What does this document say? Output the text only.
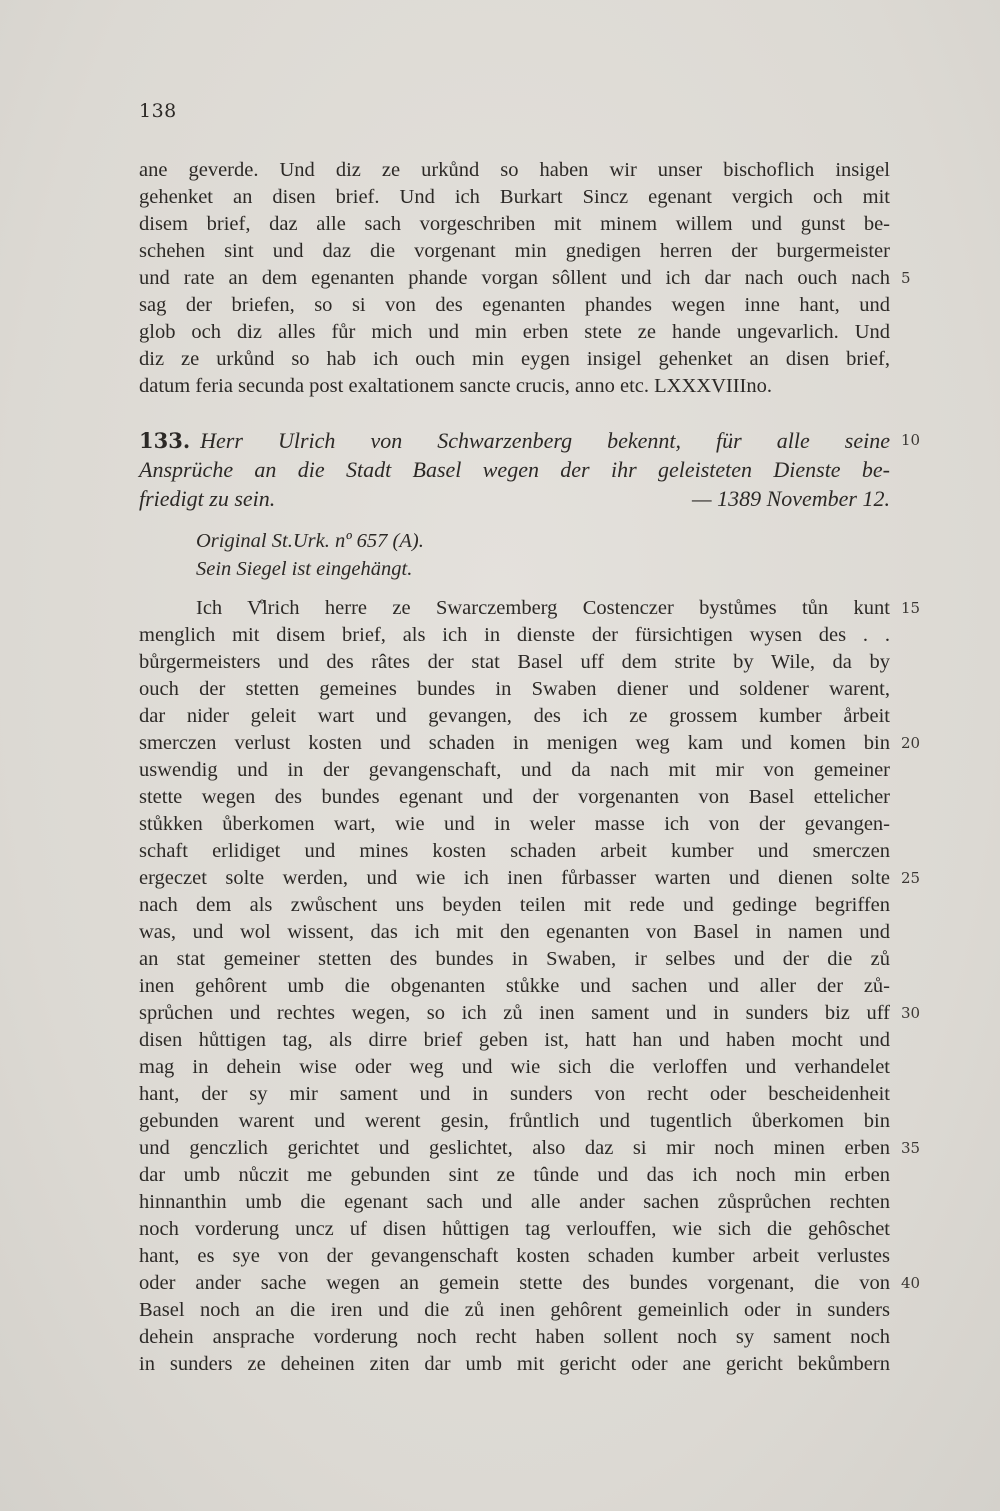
138
ane geverde. Und diz ze urkůnd so haben wir unser bischoflich insigel
gehenket an disen brief. Und ich Burkart Sincz egenant vergich och mit
disem brief, daz alle sach vorgeschriben mit minem willem und gunst be-
schehen sint und daz die vorgenant min gnedigen herren der burgermeister
und rate an dem egenanten phande vorgan sôllent und ich dar nach ouch nach
sag der briefen, so si von des egenanten phandes wegen inne hant, und
glob och diz alles fůr mich und min erben stete ze hande ungevarlich. Und
diz ze urkůnd so hab ich ouch min eygen insigel gehenket an disen brief,
datum feria secunda post exaltationem sancte crucis, anno etc. LXXXVIIIno.
133. Herr Ulrich von Schwarzenberg bekennt, für alle seine
Ansprüche an die Stadt Basel wegen der ihr geleisteten Dienste be-
friedigt zu sein.	— 1389 November 12.
Original St.Urk. nº 657 (A).
Sein Siegel ist eingehängt.
Ich V̊lrich herre ze Swarczemberg Costenczer bystůmes tůn kunt
menglich mit disem brief, als ich in dienste der fürsichtigen wysen des . .
bůrgermeisters und des râtes der stat Basel uff dem strite by Wile, da by
ouch der stetten gemeines bundes in Swaben diener und soldener warent,
dar nider geleit wart und gevangen, des ich ze grossem kumber årbeit
smerczen verlust kosten und schaden in menigen weg kam und komen bin
uswendig und in der gevangenschaft, und da nach mit mir von gemeiner
stette wegen des bundes egenant und der vorgenanten von Basel ettelicher
stůkken ůberkomen wart, wie und in weler masse ich von der gevangen-
schaft erlidiget und mines kosten schaden arbeit kumber und smerczen
ergeczet solte werden, und wie ich inen fůrbasser warten und dienen solte
nach dem als zwůschent uns beyden teilen mit rede und gedinge begriffen
was, und wol wissent, das ich mit den egenanten von Basel in namen und
an stat gemeiner stetten des bundes in Swaben, ir selbes und der die zů
inen gehôrent umb die obgenanten stůkke und sachen und aller der zů-
sprůchen und rechtes wegen, so ich zů inen sament und in sunders biz uff
disen hůttigen tag, als dirre brief geben ist, hatt han und haben mocht und
mag in dehein wise oder weg und wie sich die verloffen und verhandelet
hant, der sy mir sament und in sunders von recht oder bescheidenheit
gebunden warent und werent gesin, frůntlich und tugentlich ůberkomen bin
und genczlich gerichtet und geslichtet, also daz si mir noch minen erben
dar umb nůczit me gebunden sint ze tûnde und das ich noch min erben
hinnanthin umb die egenant sach und alle ander sachen zůsprůchen rechten
noch vorderung uncz uf disen hůttigen tag verlouffen, wie sich die gehôschet
hant, es sye von der gevangenschaft kosten schaden kumber arbeit verlustes
oder ander sache wegen an gemein stette des bundes vorgenant, die von
Basel noch an die iren und die zů inen gehôrent gemeinlich oder in sunders
dehein ansprache vorderung noch recht haben sollent noch sy sament noch
in sunders ze deheinen ziten dar umb mit gericht oder ane gericht bekůmbern
5
10
15
20
25
30
35
40
